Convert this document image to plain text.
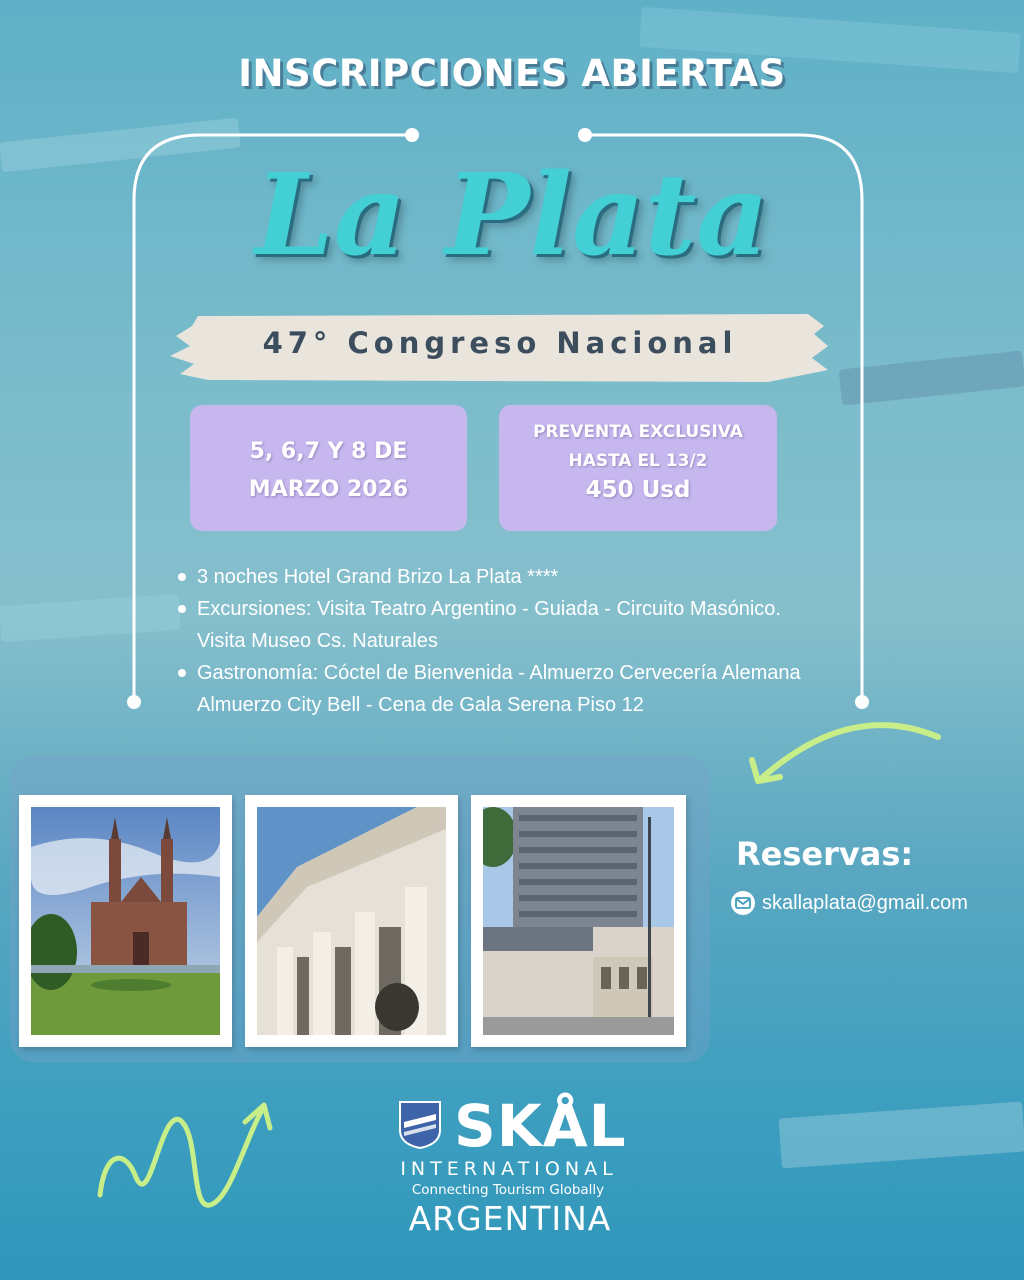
INSCRIPCIONES ABIERTAS
La Plata
47° Congreso Nacional
5, 6,7 Y 8 DE
MARZO 2026
PREVENTA EXCLUSIVA
HASTA EL 13/2
450 Usd
3 noches Hotel Grand Brizo La Plata ****
Excursiones: Visita Teatro Argentino - Guiada - Circuito Masónico. Visita Museo Cs. Naturales
Gastronomía: Cóctel de Bienvenida - Almuerzo Cervecería Alemana Almuerzo City Bell - Cena de Gala Serena Piso 12
Reservas:
skallaplata@gmail.com
SKÅL
INTERNATIONAL
Connecting Tourism Globally
ARGENTINA
